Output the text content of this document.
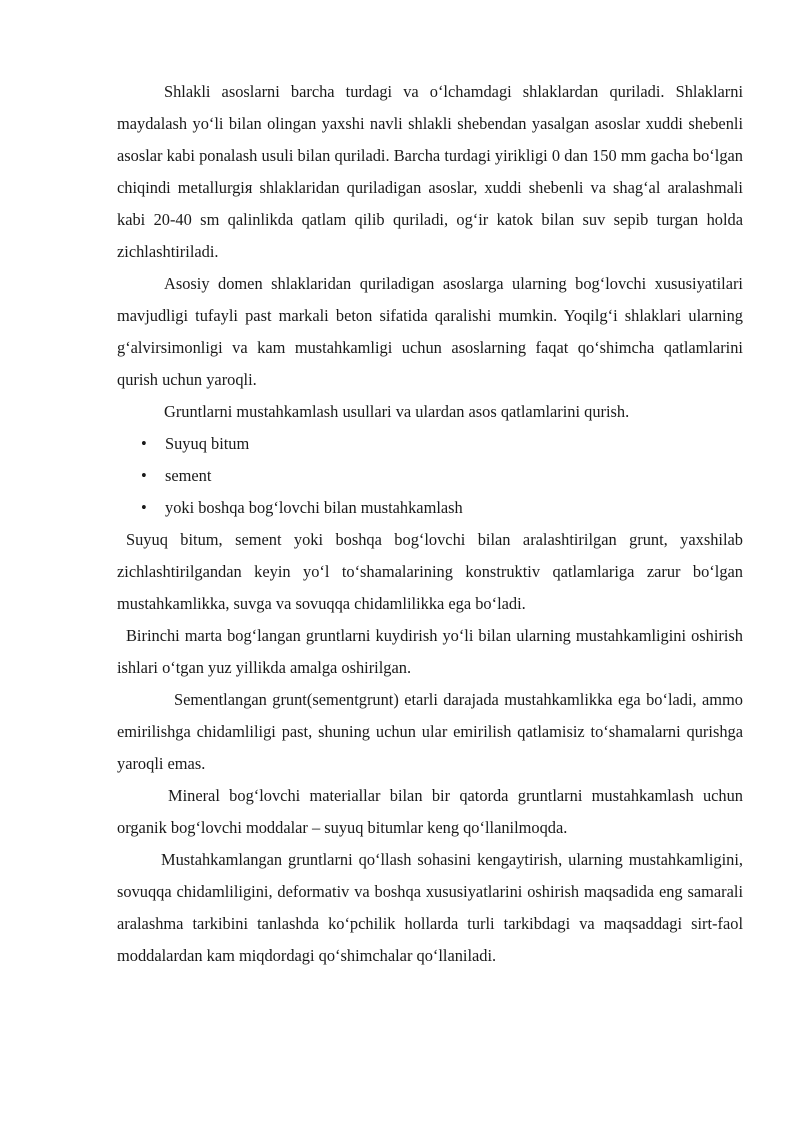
Shlakli asoslarni barcha turdagi va o‘lchamdagi shlaklardan quriladi. Shlaklarni maydalash yo‘li bilan olingan yaxshi navli shlakli shebendan yasalgan asoslar xuddi shebenli asoslar kabi ponalash usuli bilan quriladi. Barcha turdagi yirikligi 0 dan 150 mm gacha bo‘lgan chiqindi metallurgiя shlaklaridan quriladigan asoslar, xuddi shebenli va shag‘al aralashmali kabi 20-40 sm qalinlikda qatlam qilib quriladi, og‘ir katok bilan suv sepib turgan holda zichlashtiriladi.

Asosiy domen shlaklaridan quriladigan asoslarga ularning bog‘lovchi xususiyatilari mavjudligi tufayli past markali beton sifatida qaralishi mumkin. Yoqilg‘i shlaklari ularning g‘alvirsimonligi va kam mustahkamligi uchun asoslarning faqat qo‘shimcha qatlamlarini qurish uchun yaroqli.

Gruntlarni mustahkamlash usullari va ulardan asos qatlamlarini qurish.

• Suyuq bitum
• sement
• yoki boshqa bog‘lovchi bilan mustahkamlash

Suyuq bitum, sement yoki boshqa bog‘lovchi bilan aralashtirilgan grunt, yaxshilab zichlashtirilgandan keyin yo‘l to‘shamalarining konstruktiv qatlamlariga zarur bo‘lgan mustahkamlikka, suvga va sovuqqa chidamlilikka ega bo‘ladi.

Birinchi marta bog‘langan gruntlarni kuydirish yo‘li bilan ularning mustahkamligini oshirish ishlari o‘tgan yuz yillikda amalga oshirilgan.

Sementlangan grunt(sementgrunt) etarli darajada mustahkamlikka ega bo‘ladi, ammo emirilishga chidamliligi past, shuning uchun ular emirilish qatlamisiz to‘shamalarni qurishga yaroqli emas.

Mineral bog‘lovchi materiallar bilan bir qatorda gruntlarni mustahkamlash uchun organik bog‘lovchi moddalar – suyuq bitumlar keng qo‘llanilmoqda.

Mustahkamlangan gruntlarni qo‘llash sohasini kengaytirish, ularning mustahkamligini, sovuqqa chidamliligini, deformativ va boshqa xususiyatlarini oshirish maqsadida eng samarali aralashma tarkibini tanlashda ko‘pchilik hollarda turli tarkibdagi va maqsaddagi sirt-faol moddalardan kam miqdordagi qo‘shimchalar qo‘llaniladi.
